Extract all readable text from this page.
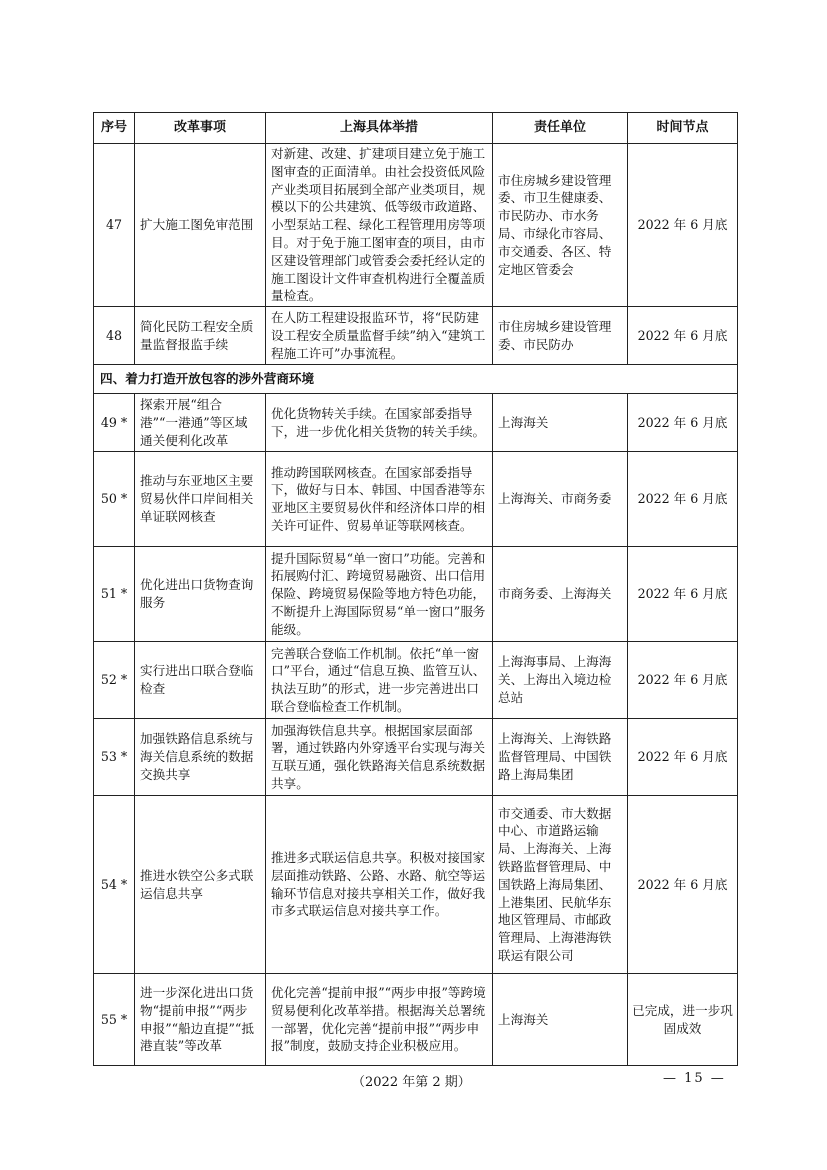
序号	改革事项	上海具体举措	责任单位	时间节点
47	扩大施工图免审范围	对新建、改建、扩建项目建立免于施工图审查的正面清单。由社会投资低风险产业类项目拓展到全部产业类项目，规模以下的公共建筑、低等级市政道路、小型泵站工程、绿化工程管理用房等项目。对于免于施工图审查的项目，由市区建设管理部门或管委会委托经认定的施工图设计文件审查机构进行全覆盖质量检查。	市住房城乡建设管理委、市卫生健康委、市民防办、市水务局、市绿化市容局、市交通委、各区、特定地区管委会	2022 年 6 月底
48	简化民防工程安全质量监督报监手续	在人防工程建设报监环节，将“民防建设工程安全质量监督手续”纳入“建筑工程施工许可”办事流程。	市住房城乡建设管理委、市民防办	2022 年 6 月底
四、着力打造开放包容的涉外营商环境				
49 *	探索开展“组合港”“一港通”等区域通关便利化改革	优化货物转关手续。在国家部委指导下，进一步优化相关货物的转关手续。	上海海关	2022 年 6 月底
50 *	推动与东亚地区主要贸易伙伴口岸间相关单证联网核查	推动跨国联网核查。在国家部委指导下，做好与日本、韩国、中国香港等东亚地区主要贸易伙伴和经济体口岸的相关许可证件、贸易单证等联网核查。	上海海关、市商务委	2022 年 6 月底
51 *	优化进出口货物查询服务	提升国际贸易“单一窗口”功能。完善和拓展购付汇、跨境贸易融资、出口信用保险、跨境贸易保险等地方特色功能，不断提升上海国际贸易“单一窗口”服务能级。	市商务委、上海海关	2022 年 6 月底
52 *	实行进出口联合登临检查	完善联合登临工作机制。依托“单一窗口”平台，通过“信息互换、监管互认、执法互助”的形式，进一步完善进出口联合登临检查工作机制。	上海海事局、上海海关、上海出入境边检总站	2022 年 6 月底
53 *	加强铁路信息系统与海关信息系统的数据交换共享	加强海铁信息共享。根据国家层面部署，通过铁路内外穿透平台实现与海关互联互通，强化铁路海关信息系统数据共享。	上海海关、上海铁路监督管理局、中国铁路上海局集团	2022 年 6 月底
54 *	推进水铁空公多式联运信息共享	推进多式联运信息共享。积极对接国家层面推动铁路、公路、水路、航空等运输环节信息对接共享相关工作，做好我市多式联运信息对接共享工作。	市交通委、市大数据中心、市道路运输局、上海海关、上海铁路监督管理局、中国铁路上海局集团、上港集团、民航华东地区管理局、市邮政管理局、上海港海铁联运有限公司	2022 年 6 月底
55 *	进一步深化进出口货物“提前申报”“两步申报”“船边直提”“抵港直装”等改革	优化完善“提前申报”“两步申报”等跨境贸易便利化改革举措。根据海关总署统一部署，优化完善“提前申报”“两步申报”制度，鼓励支持企业积极应用。	上海海关	已完成，进一步巩固成效
（2022 年第 2 期）	— 15 —
